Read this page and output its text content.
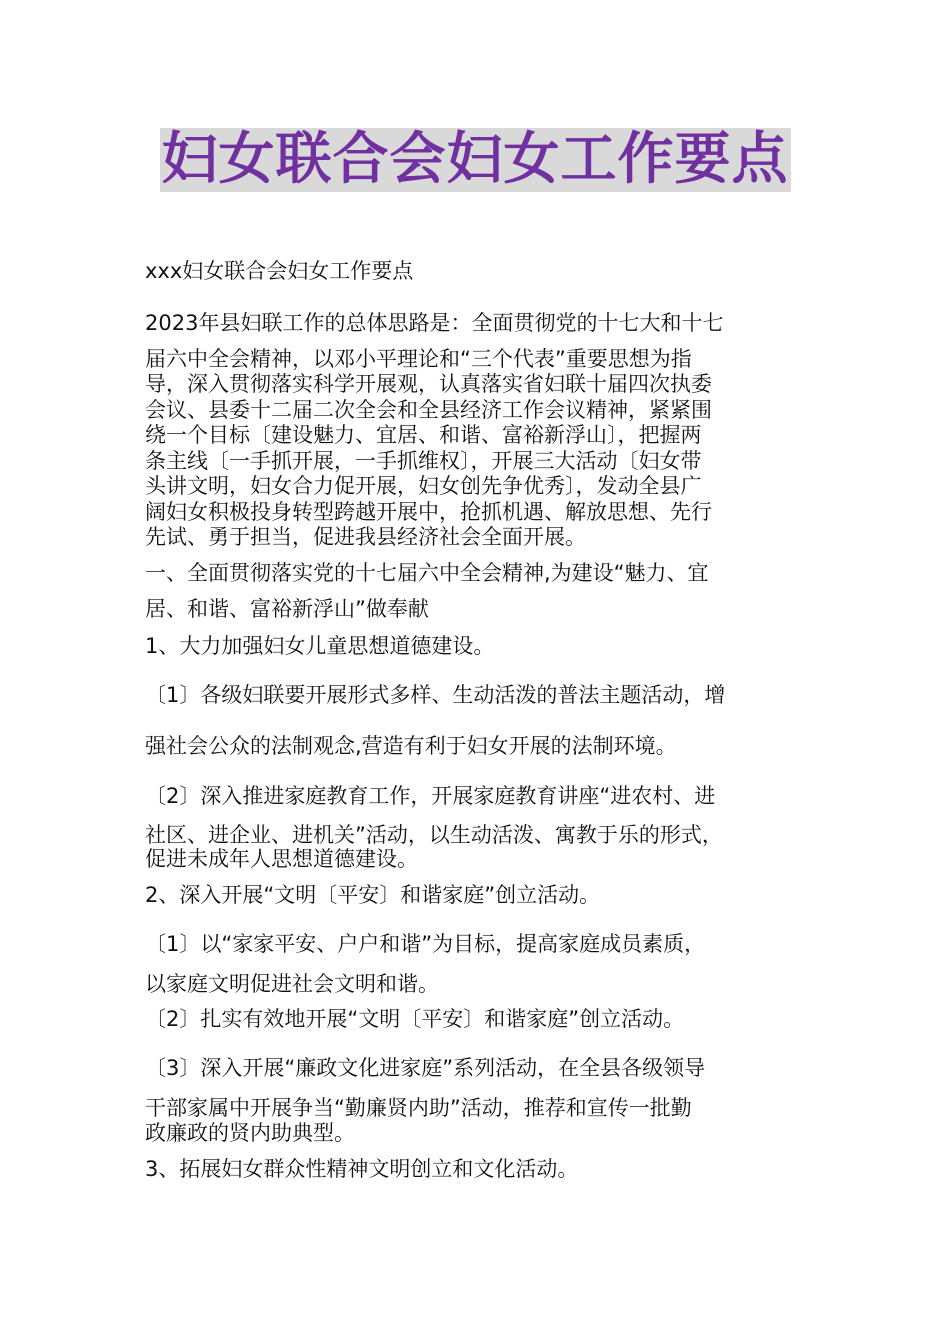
妇女联合会妇女工作要点

xxx妇女联合会妇女工作要点

2023年县妇联工作的总体思路是：全面贯彻党的十七大和十七

届六中全会精神，以邓小平理论和“三个代表”重要思想为指

导，深入贯彻落实科学开展观，认真落实省妇联十届四次执委

会议、县委十二届二次全会和全县经济工作会议精神，紧紧围

绕一个目标〔建设魅力、宜居、和谐、富裕新浮山〕，把握两

条主线〔一手抓开展，一手抓维权〕，开展三大活动〔妇女带

头讲文明，妇女合力促开展，妇女创先争优秀〕，发动全县广

阔妇女积极投身转型跨越开展中，抢抓机遇、解放思想、先行

先试、勇于担当，促进我县经济社会全面开展。

一、全面贯彻落实党的十七届六中全会精神,为建设“魅力、宜

居、和谐、富裕新浮山”做奉献

1、大力加强妇女儿童思想道德建设。

〔1〕各级妇联要开展形式多样、生动活泼的普法主题活动，增

强社会公众的法制观念,营造有利于妇女开展的法制环境。

〔2〕深入推进家庭教育工作，开展家庭教育讲座“进农村、进

社区、进企业、进机关”活动，以生动活泼、寓教于乐的形式，

促进未成年人思想道德建设。

2、深入开展“文明〔平安〕和谐家庭”创立活动。

〔1〕以“家家平安、户户和谐”为目标，提高家庭成员素质，

以家庭文明促进社会文明和谐。

〔2〕扎实有效地开展“文明〔平安〕和谐家庭”创立活动。

〔3〕深入开展“廉政文化进家庭”系列活动，在全县各级领导

干部家属中开展争当“勤廉贤内助”活动，推荐和宣传一批勤

政廉政的贤内助典型。

3、拓展妇女群众性精神文明创立和文化活动。
